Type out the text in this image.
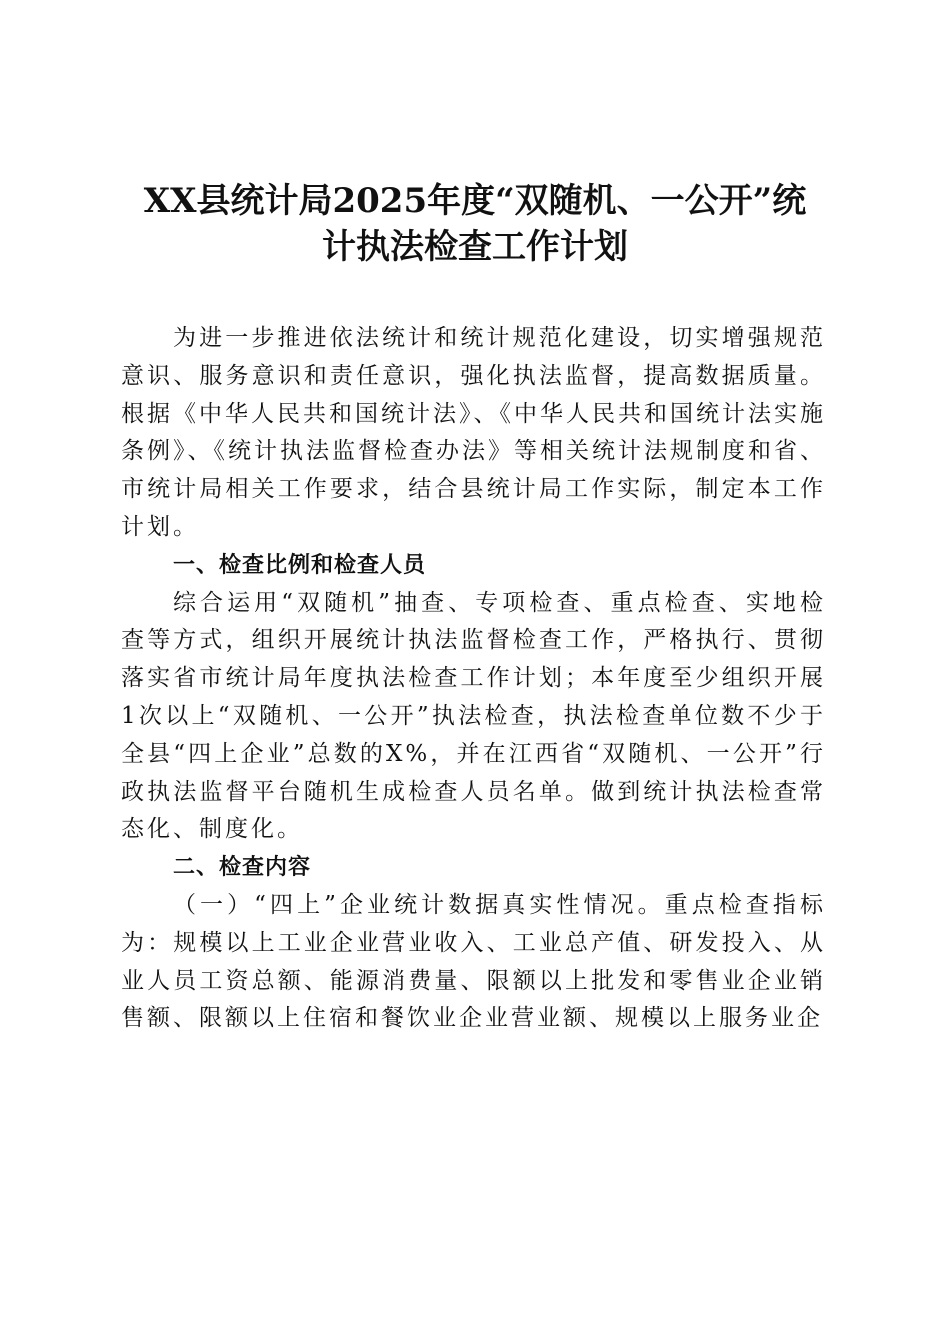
XX县统计局2025年度“双随机、一公开”统
计执法检查工作计划

为进一步推进依法统计和统计规范化建设，切实增强规范意识、服务意识和责任意识，强化执法监督，提高数据质量。根据《中华人民共和国统计法》、《中华人民共和国统计法实施条例》、《统计执法监督检查办法》等相关统计法规制度和省、市统计局相关工作要求，结合县统计局工作实际，制定本工作计划。

一、检查比例和检查人员

综合运用“双随机”抽查、专项检查、重点检查、实地检查等方式，组织开展统计执法监督检查工作，严格执行、贯彻落实省市统计局年度执法检查工作计划；本年度至少组织开展1次以上“双随机、一公开”执法检查，执法检查单位数不少于全县“四上企业”总数的X%，并在江西省“双随机、一公开”行政执法监督平台随机生成检查人员名单。做到统计执法检查常态化、制度化。

二、检查内容

（一）“四上”企业统计数据真实性情况。重点检查指标为：规模以上工业企业营业收入、工业总产值、研发投入、从业人员工资总额、能源消费量、限额以上批发和零售业企业销售额、限额以上住宿和餐饮业企业营业额、规模以上服务业企
